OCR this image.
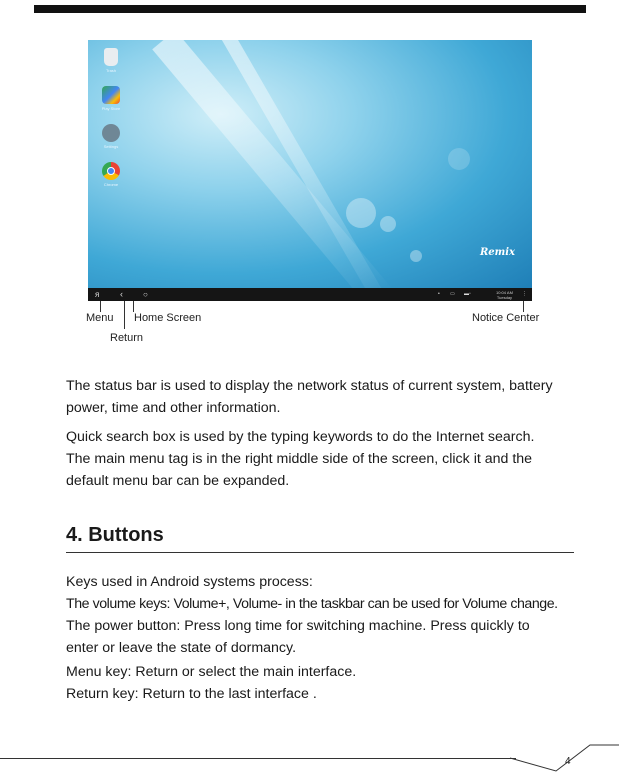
Trash
Play Store
Settings
Chrome
Remix
ᴙ ‹	○	• ▭ ▬▫	10:04 AM
Tuesday
⋮
Menu Home Screen	Notice Center
Return
The status bar is used to display the network status of current system, battery
power, time and other information.
Quick search box is used by the typing keywords to do the Internet search.
The main menu tag is in the right middle side of the screen, click it and the
default menu bar can be expanded.
4. Buttons
Keys used in Android systems process:
The volume keys: Volume+, Volume- in the taskbar can be used for Volume change.
The power button: Press long time for switching machine. Press quickly to
enter or leave the state of dormancy.
Menu key: Return or select the main interface.
Return key: Return to the last interface .
4
